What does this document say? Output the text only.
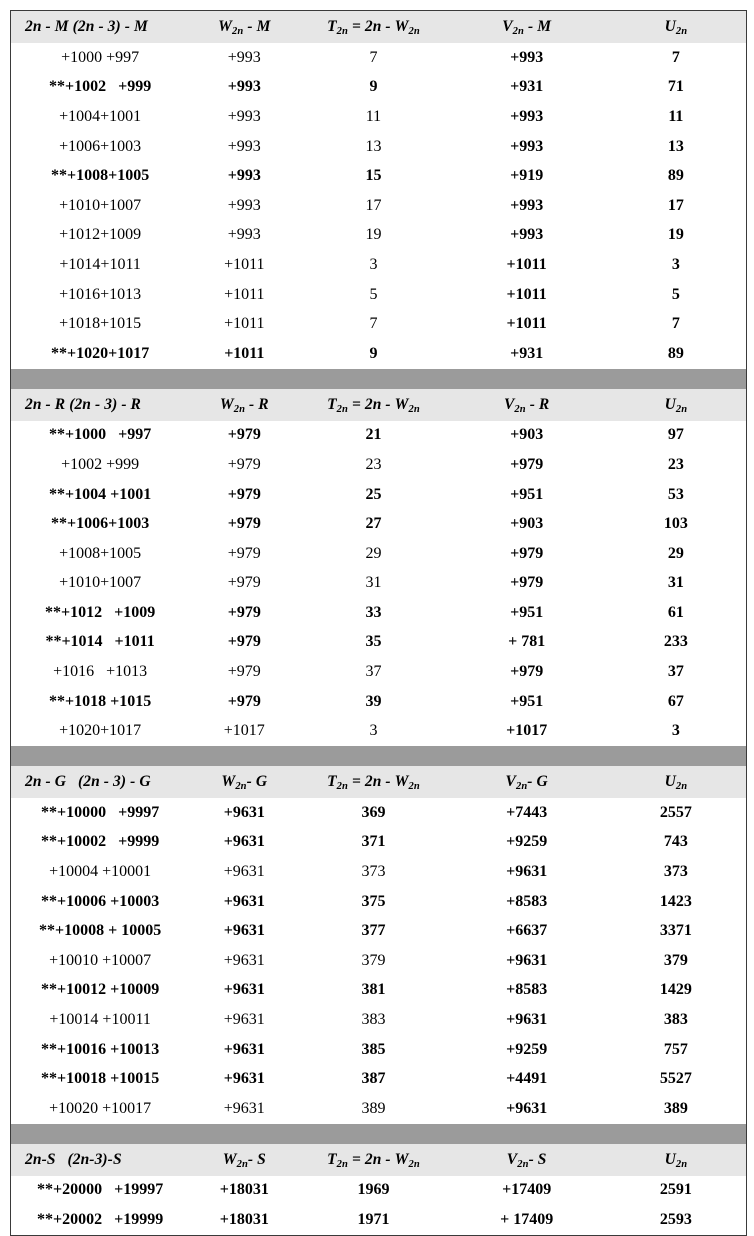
2n - M (2n - 3) - M	$W_{2n}$ - M	$T_{2n} = 2n - W_{2n}$	$V_{2n}$ - M	$U_{2n}$
+1000 +997	+993	7	+993	7
**+1002   +999	+993	9	+931	71
+1004+1001	+993	11	+993	11
+1006+1003	+993	13	+993	13
**+1008+1005	+993	15	+919	89
+1010+1007	+993	17	+993	17
+1012+1009	+993	19	+993	19
+1014+1011	+1011	3	+1011	3
+1016+1013	+1011	5	+1011	5
+1018+1015	+1011	7	+1011	7
**+1020+1017	+1011	9	+931	89

2n - R (2n - 3) - R	$W_{2n}$ - R	$T_{2n} = 2n - W_{2n}$	$V_{2n}$ - R	$U_{2n}$
**+1000   +997	+979	21	+903	97
+1002 +999	+979	23	+979	23
**+1004 +1001	+979	25	+951	53
**+1006+1003	+979	27	+903	103
+1008+1005	+979	29	+979	29
+1010+1007	+979	31	+979	31
**+1012   +1009	+979	33	+951	61
**+1014   +1011	+979	35	+ 781	233
+1016   +1013	+979	37	+979	37
**+1018 +1015	+979	39	+951	67
+1020+1017	+1017	3	+1017	3

2n - G   (2n - 3) - G	$W_{2n}-$ G	$T_{2n} = 2n - W_{2n}$	$V_{2n}-$ G	$U_{2n}$
**+10000   +9997	+9631	369	+7443	2557
**+10002   +9999	+9631	371	+9259	743
+10004 +10001	+9631	373	+9631	373
**+10006 +10003	+9631	375	+8583	1423
**+10008 + 10005	+9631	377	+6637	3371
+10010 +10007	+9631	379	+9631	379
**+10012 +10009	+9631	381	+8583	1429
+10014 +10011	+9631	383	+9631	383
**+10016 +10013	+9631	385	+9259	757
**+10018 +10015	+9631	387	+4491	5527
+10020 +10017	+9631	389	+9631	389

2n-S   (2n-3)-S	$W_{2n}-$ S	$T_{2n} = 2n - W_{2n}$	$V_{2n}-$ S	$U_{2n}$
**+20000   +19997	+18031	1969	+17409	2591
**+20002   +19999	+18031	1971	+ 17409	2593
